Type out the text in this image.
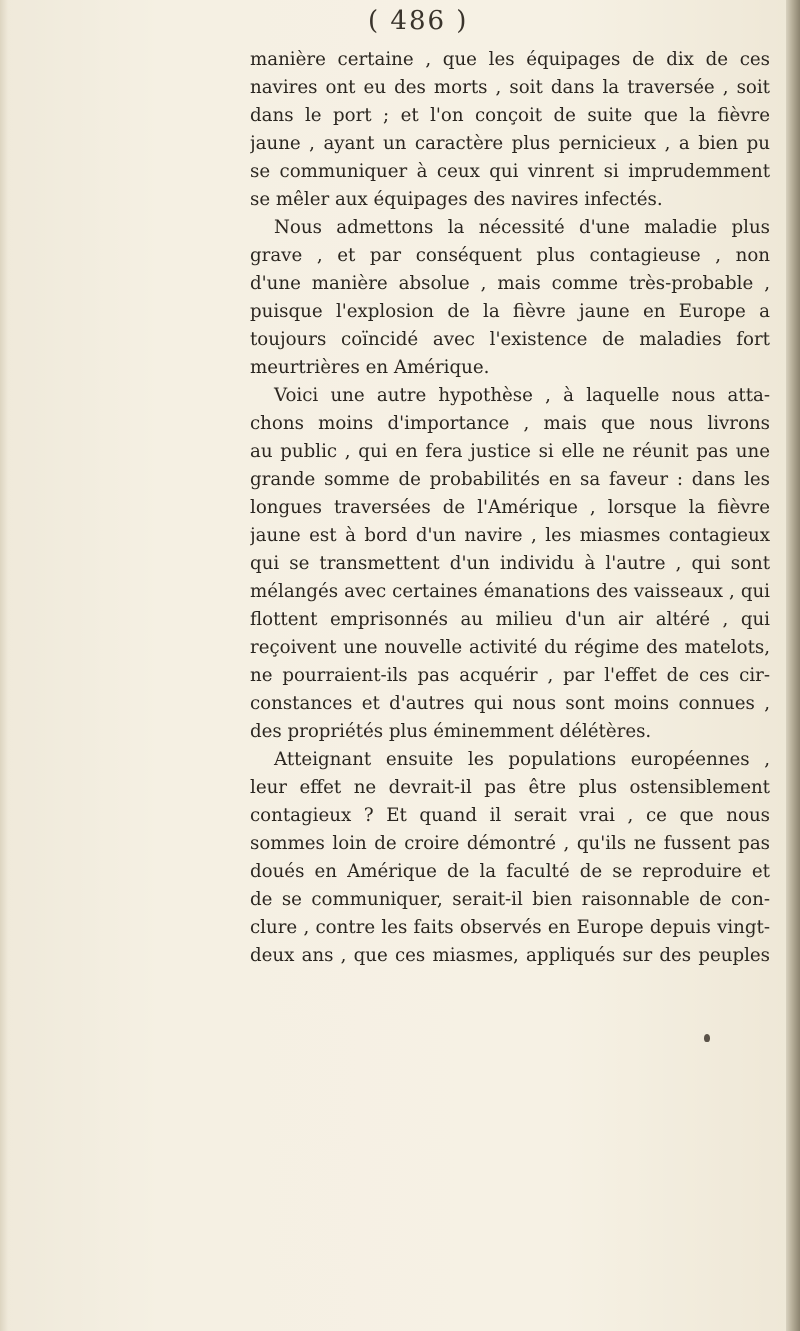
( 486 )
manière certaine , que les équipages de dix de ces
navires ont eu des morts , soit dans la traversée , soit
dans le port ; et l'on conçoit de suite que la fièvre
jaune , ayant un caractère plus pernicieux , a bien pu
se communiquer à ceux qui vinrent si imprudemment
se mêler aux équipages des navires infectés.
Nous admettons la nécessité d'une maladie plus
grave , et par conséquent plus contagieuse , non
d'une manière absolue , mais comme très-probable ,
puisque l'explosion de la fièvre jaune en Europe a
toujours coïncidé avec l'existence de maladies fort
meurtrières en Amérique.
Voici une autre hypothèse , à laquelle nous atta-
chons moins d'importance , mais que nous livrons
au public , qui en fera justice si elle ne réunit pas une
grande somme de probabilités en sa faveur : dans les
longues traversées de l'Amérique , lorsque la fièvre
jaune est à bord d'un navire , les miasmes contagieux
qui se transmettent d'un individu à l'autre , qui sont
mélangés avec certaines émanations des vaisseaux , qui
flottent emprisonnés au milieu d'un air altéré , qui
reçoivent une nouvelle activité du régime des matelots,
ne pourraient-ils pas acquérir , par l'effet de ces cir-
constances et d'autres qui nous sont moins connues ,
des propriétés plus éminemment délétères.
Atteignant ensuite les populations européennes ,
leur effet ne devrait-il pas être plus ostensiblement
contagieux ? Et quand il serait vrai , ce que nous
sommes loin de croire démontré , qu'ils ne fussent pas
doués en Amérique de la faculté de se reproduire et
de se communiquer, serait-il bien raisonnable de con-
clure , contre les faits observés en Europe depuis vingt-
deux ans , que ces miasmes, appliqués sur des peuples
